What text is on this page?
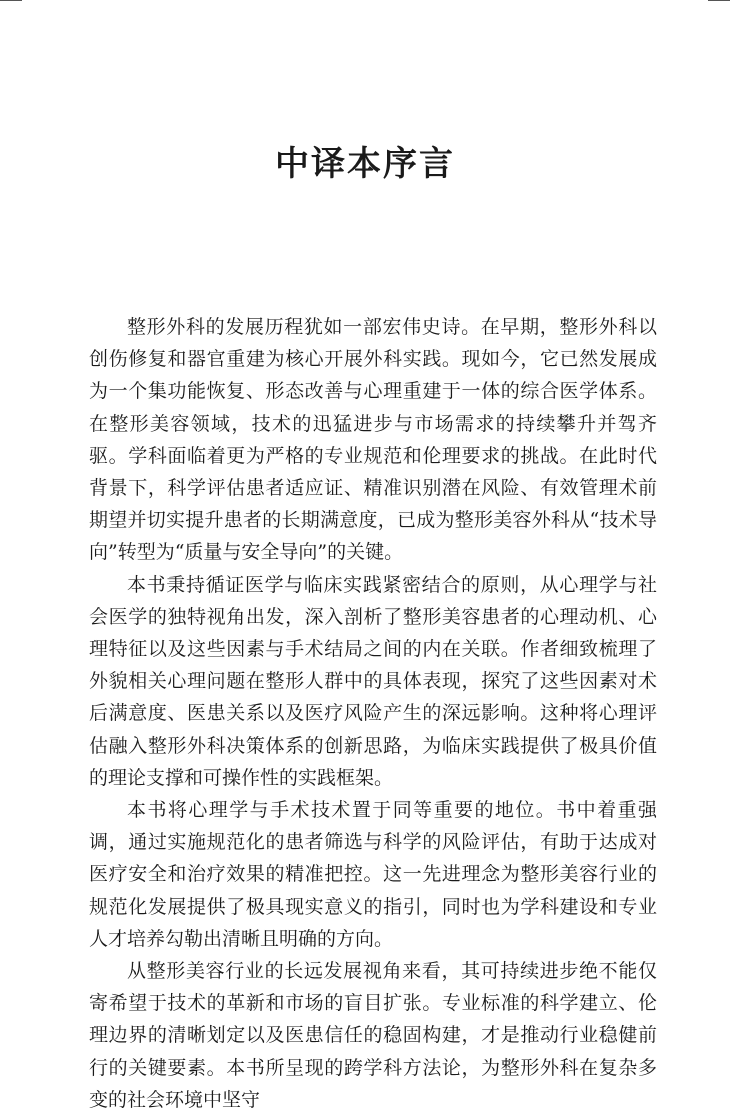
中译本序言

整形外科的发展历程犹如一部宏伟史诗。在早期，整形外科以创伤修复和器官重建为核心开展外科实践。现如今，它已然发展成为一个集功能恢复、形态改善与心理重建于一体的综合医学体系。在整形美容领域，技术的迅猛进步与市场需求的持续攀升并驾齐驱。学科面临着更为严格的专业规范和伦理要求的挑战。在此时代背景下，科学评估患者适应证、精准识别潜在风险、有效管理术前期望并切实提升患者的长期满意度，已成为整形美容外科从“技术导向”转型为“质量与安全导向”的关键。

本书秉持循证医学与临床实践紧密结合的原则，从心理学与社会医学的独特视角出发，深入剖析了整形美容患者的心理动机、心理特征以及这些因素与手术结局之间的内在关联。作者细致梳理了外貌相关心理问题在整形人群中的具体表现，探究了这些因素对术后满意度、医患关系以及医疗风险产生的深远影响。这种将心理评估融入整形外科决策体系的创新思路，为临床实践提供了极具价值的理论支撑和可操作性的实践框架。

本书将心理学与手术技术置于同等重要的地位。书中着重强调，通过实施规范化的患者筛选与科学的风险评估，有助于达成对医疗安全和治疗效果的精准把控。这一先进理念为整形美容行业的规范化发展提供了极具现实意义的指引，同时也为学科建设和专业人才培养勾勒出清晰且明确的方向。

从整形美容行业的长远发展视角来看，其可持续进步绝不能仅寄希望于技术的革新和市场的盲目扩张。专业标准的科学建立、伦理边界的清晰划定以及医患信任的稳固构建，才是推动行业稳健前行的关键要素。本书所呈现的跨学科方法论，为整形外科在复杂多变的社会环境中坚守
